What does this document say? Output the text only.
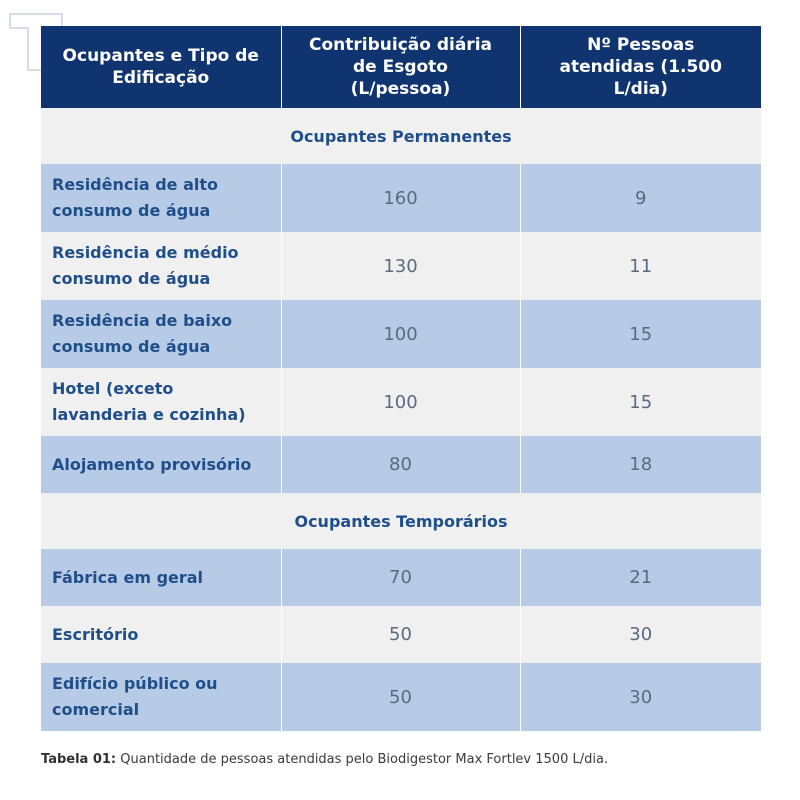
Ocupantes e Tipo de Edificação	Contribuição diária de Esgoto (L/pessoa)	Nº Pessoas atendidas (1.500 L/dia)
Ocupantes Permanentes		
Residência de alto consumo de água	160	9
Residência de médio consumo de água	130	11
Residência de baixo consumo de água	100	15
Hotel (exceto lavanderia e cozinha)	100	15
Alojamento provisório	80	18
Ocupantes Temporários		
Fábrica em geral	70	21
Escritório	50	30
Edifício público ou comercial	50	30
Tabela 01: Quantidade de pessoas atendidas pelo Biodigestor Max Fortlev 1500 L/dia.
